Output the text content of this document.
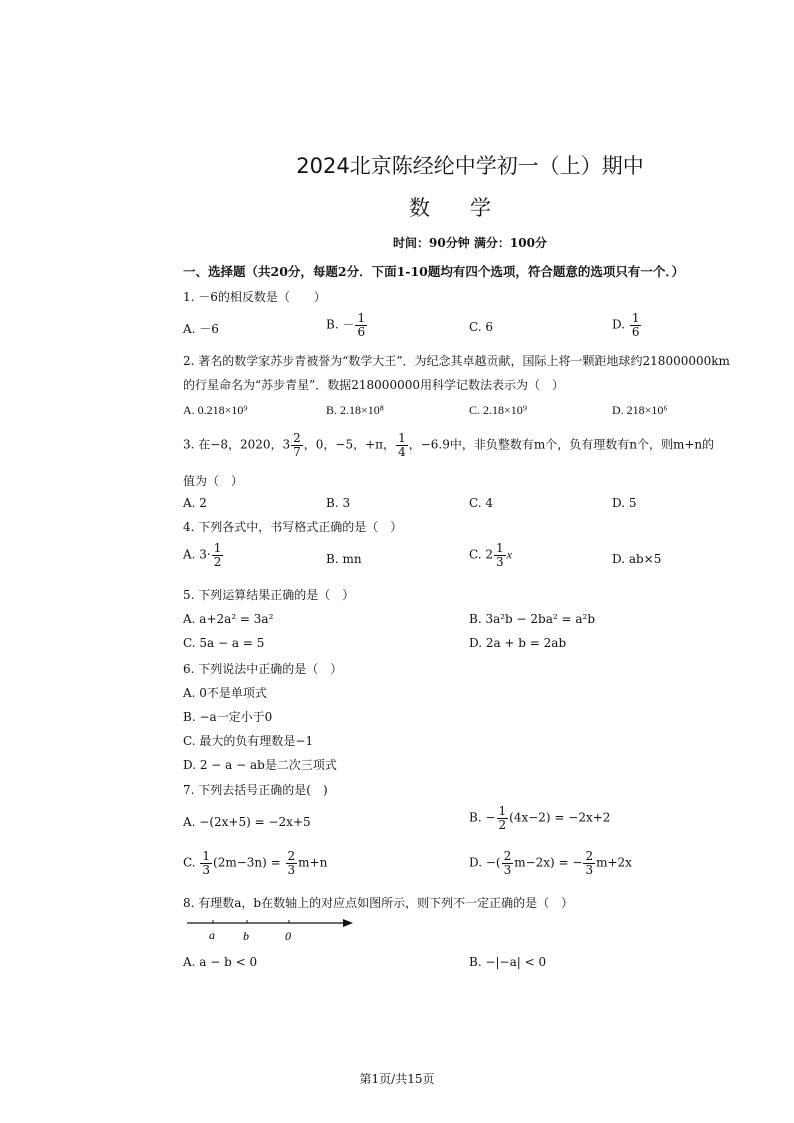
2024北京陈经纶中学初一（上）期中
数学
时间：90分钟 满分：100分
一、选择题（共20分，每题2分．下面1-10题均有四个选项，符合题意的选项只有一个．）
1. －6的相反数是（　　）
A. －6	B. － $\frac{1}{6}$	C. 6	D. $\frac{1}{6}$
2. 著名的数学家苏步青被誉为“数学大王”．为纪念其卓越贡献，国际上将一颗距地球约218000000km
的行星命名为“苏步青星”．数据218000000用科学记数法表示为（　）
A. 0.218×10⁹	B. 2.18×10⁸	C. 2.18×10⁹	D. 218×10⁶
3. 在−8，2020，$3 \frac{2}{7}$ ，0，−5，+π， $\frac{1}{4}$ ，−6.9中，非负整数有m个，负有理数有n个，则m+n的
值为（　）
A. 2	B. 3	C. 4	D. 5
4. 下列各式中，书写格式正确的是（　）
A. $3\cdot \frac{1}{2}$	B. mn	C. $2 \frac{1}{3}$ x	D. ab×5
5. 下列运算结果正确的是（　）
A. a+2a² = 3a²	B. 3a²b − 2ba² = a²b
C. 5a − a = 5	D. 2a + b = 2ab
6. 下列说法中正确的是（　）
A. 0不是单项式
B. −a一定小于0
C. 最大的负有理数是−1
D. 2 − a − ab是二次三项式
7. 下列去括号正确的是(　)
A. −(2x+5) = −2x+5	B. − $\frac{1}{2} (4x-2) = -2x+2$
C. $\frac{1}{3} (2m-3n) = \frac{2}{3} m+n$	D. −( $\frac{2}{3} m-2x$) = − $\frac{2}{3} m+2x$
8. 有理数a，b在数轴上的对应点如图所示，则下列不一定正确的是（　）
a b	0
A. a − b < 0	B. −|−a| < 0
第1页/共15页
